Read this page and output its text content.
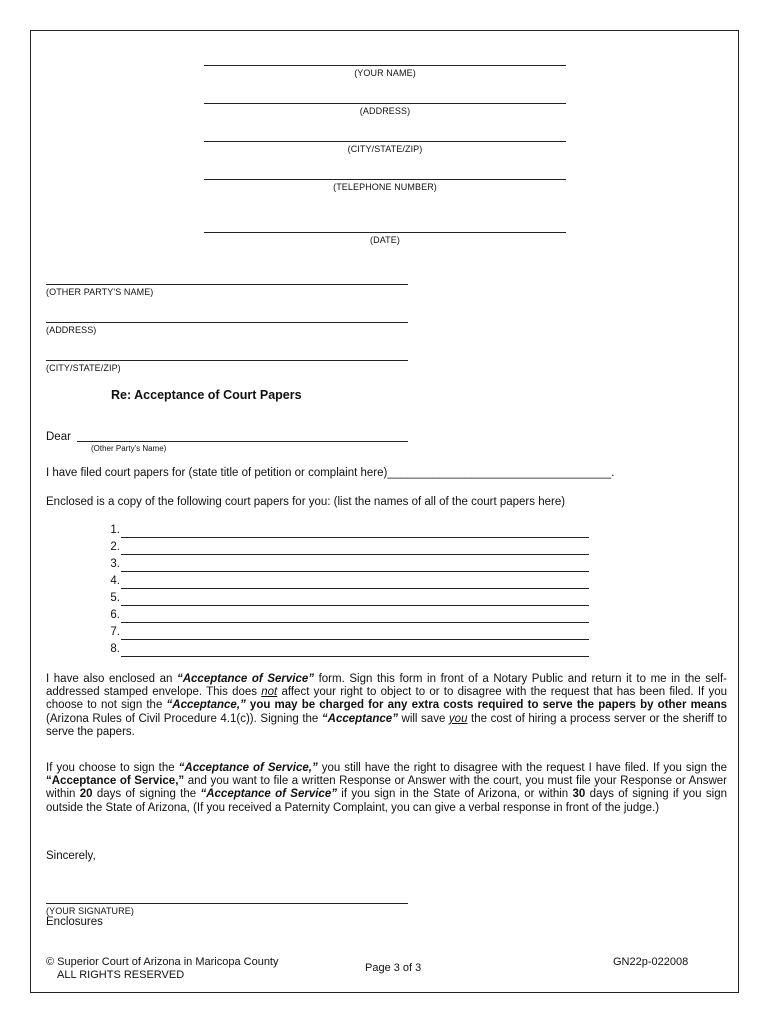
(YOUR NAME)
(ADDRESS)
(CITY/STATE/ZIP)
(TELEPHONE NUMBER)
(DATE)
(OTHER PARTY'S NAME)
(ADDRESS)
(CITY/STATE/ZIP)
Re: Acceptance of Court Papers
Dear
(Other Party's Name)
I have filed court papers for (state title of petition or complaint here)___________________________________.
Enclosed is a copy of the following court papers for you: (list the names of all of the court papers here)
1.
2.
3.
4.
5.
6.
7.
8.
I have also enclosed an “Acceptance of Service” form. Sign this form in front of a Notary Public and return it to me in the self-addressed stamped envelope. This does not affect your right to object to or to disagree with the request that has been filed. If you choose to not sign the “Acceptance,” you may be charged for any extra costs required to serve the papers by other means (Arizona Rules of Civil Procedure 4.1(c)). Signing the “Acceptance” will save you the cost of hiring a process server or the sheriff to serve the papers.
If you choose to sign the “Acceptance of Service,” you still have the right to disagree with the request I have filed. If you sign the “Acceptance of Service,” and you want to file a written Response or Answer with the court, you must file your Response or Answer within 20 days of signing the “Acceptance of Service” if you sign in the State of Arizona, or within 30 days of signing if you sign outside the State of Arizona, (If you received a Paternity Complaint, you can give a verbal response in front of the judge.)
Sincerely,
(YOUR SIGNATURE)
Enclosures
© Superior Court of Arizona in Maricopa County
ALL RIGHTS RESERVED
Page 3 of 3	GN22p-022008
